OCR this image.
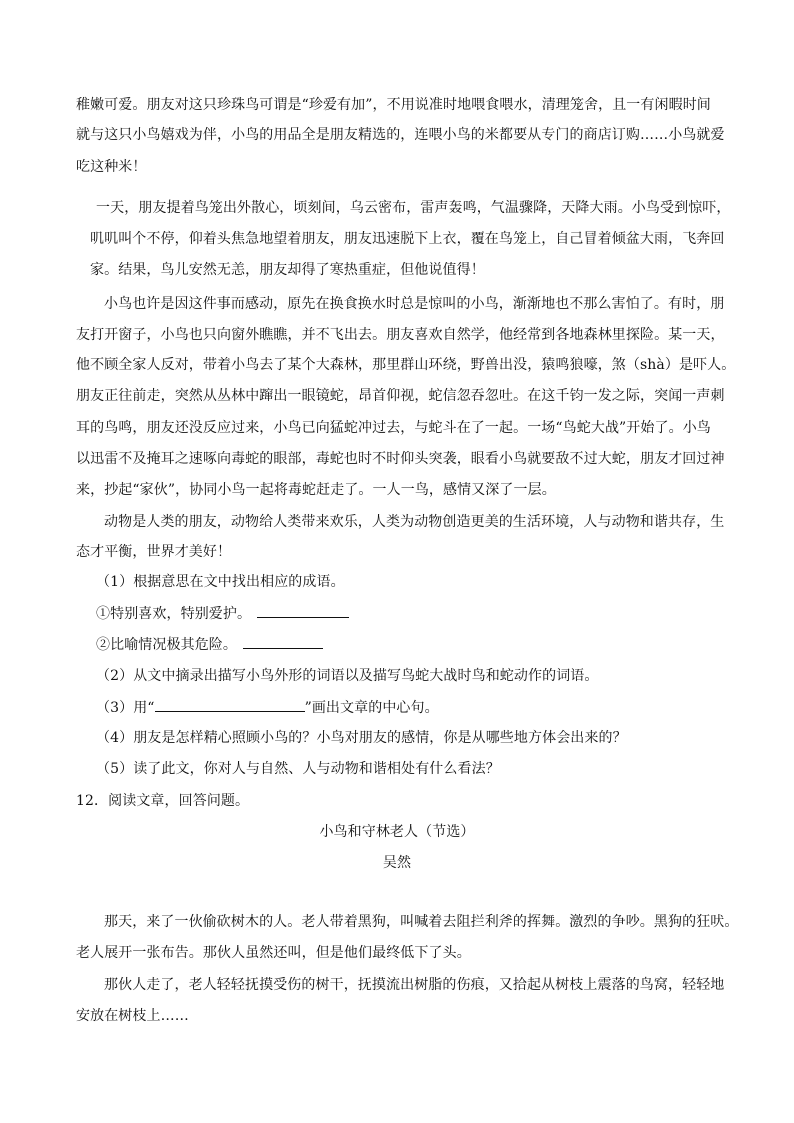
稚嫩可爱。朋友对这只珍珠鸟可谓是“珍爱有加”，不用说准时地喂食喂水，清理笼舍，且一有闲暇时间

就与这只小鸟嬉戏为伴，小鸟的用品全是朋友精选的，连喂小鸟的米都要从专门的商店订购……小鸟就爱

吃这种米！

一天，朋友提着鸟笼出外散心，顷刻间，乌云密布，雷声轰鸣，气温骤降，天降大雨。小鸟受到惊吓，

叽叽叫个不停，仰着头焦急地望着朋友，朋友迅速脱下上衣，覆在鸟笼上，自己冒着倾盆大雨，飞奔回

家。结果，鸟儿安然无恙，朋友却得了寒热重症，但他说值得！

小鸟也许是因这件事而感动，原先在换食换水时总是惊叫的小鸟，渐渐地也不那么害怕了。有时，朋

友打开窗子，小鸟也只向窗外瞧瞧，并不飞出去。朋友喜欢自然学，他经常到各地森林里探险。某一天，

他不顾全家人反对，带着小鸟去了某个大森林，那里群山环绕，野兽出没，猿鸣狼嚎，煞（shà）是吓人。

朋友正往前走，突然从丛林中蹿出一眼镜蛇，昂首仰视，蛇信忽吞忽吐。在这千钧一发之际，突闻一声刺

耳的鸟鸣，朋友还没反应过来，小鸟已向猛蛇冲过去，与蛇斗在了一起。一场“鸟蛇大战”开始了。小鸟

以迅雷不及掩耳之速啄向毒蛇的眼部，毒蛇也时不时仰头突袭，眼看小鸟就要敌不过大蛇，朋友才回过神

来，抄起“家伙”，协同小鸟一起将毒蛇赶走了。一人一鸟，感情又深了一层。

动物是人类的朋友，动物给人类带来欢乐，人类为动物创造更美的生活环境，人与动物和谐共存，生

态才平衡，世界才美好！

（1）根据意思在文中找出相应的成语。

①特别喜欢，特别爱护。

②比喻情况极其危险。

（2）从文中摘录出描写小鸟外形的词语以及描写鸟蛇大战时鸟和蛇动作的词语。

（3）用“	”画出文章的中心句。

（4）朋友是怎样精心照顾小鸟的？小鸟对朋友的感情，你是从哪些地方体会出来的？

（5）读了此文，你对人与自然、人与动物和谐相处有什么看法？

12．阅读文章，回答问题。

小鸟和守林老人（节选）

吴然

那天，来了一伙偷砍树木的人。老人带着黑狗，叫喊着去阻拦利斧的挥舞。激烈的争吵。黑狗的狂吠。

老人展开一张布告。那伙人虽然还叫，但是他们最终低下了头。

那伙人走了，老人轻轻抚摸受伤的树干，抚摸流出树脂的伤痕，又拾起从树枝上震落的鸟窝，轻轻地

安放在树枝上……
